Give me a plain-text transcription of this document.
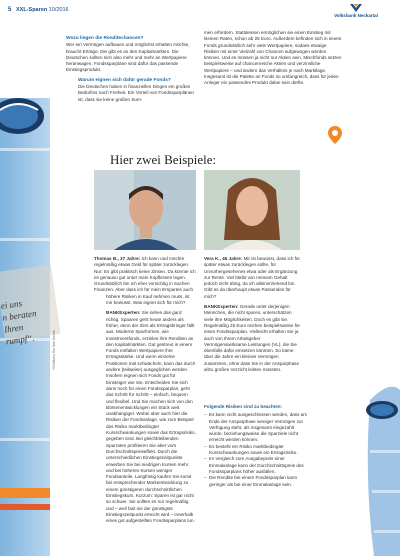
5 XXL-Sparen 10/2016
Volksbank Neckartal
ei uns
n beraten
Ihren
rumpf“.	*Schützen Sie Ihre Socke

Wozu liegen die Renditechancen?

Wer ein Vermögen aufbauen und möglichst erhalten möchte, braucht Erträge. Die gibt es an den Kapitalmärkten. Die Deutschen sollten sich also mehr und mehr an Wertpapiere heranwagen. Fondssparpläne sind dafür das passende Einstiegsprodukt.

Warum eignen sich dafür gerade Fonds?

Die Deutschen haben in finanziellen Dingen ein großes Bedürfnis nach Freiheit. Ein Vorteil von Fondssparplänen ist, dass sie keine großen Sum-

men erfordern. Stattdessen ermöglichen sie einen Einstieg mit kleinen Raten, schon ab 25 Euro. Außerdem befinden sich in einem Fonds grundsätzlich sehr viele Wertpapiere, sodass etwaige Risiken mit einer Vielzahl von Chancen aufgewogen werden können. Und es müssen ja nicht nur Aktien sein. Mischfonds setzen beispielsweise auf chancenreiche Aktien und verzinsliche Wertpapiere – und ändern das Verhältnis je nach Marktlage. Insgesamt ist die Palette an Fonds so umfangreich, dass für jeden Anleger ein passendes Produkt dabei sein dürfte.

Hier zwei Beispiele:

Thomas B., 37 Jahre: Ich kann und möchte regelmäßig etwas Geld für später zurücklegen. Nur: Es gibt praktisch keine Zinsen. Da könnte ich es genauso gut unter mein Kopfkissen legen. Grundsätzlich bin ich eher vorsichtig in Sachen Finanzen. Aber dass ich für mein Erspartes auch

höhere Risiken in Kauf nehmen muss, ist mir bewusst. Was eignet sich für mich?

BANKExperten: Sie sehen das ganz richtig. Spaaren geht heute anders als früher, denn der Zins als Ertragsbringer fällt aus. Moderne Sparformen, wie Investmentfonds, erzielen ihre Renditen an den Kapitalmärkten. Gut gestreut in einem Fonds entfalten Wertpapiere ihre Ertragsstärke. Und wenn einzelne Positionen mal schwächeln, kann das durch andere (teilweise) ausgeglichen werden. Insofern eignen sich Fonds gut für Einsteiger wie Sie. Entscheiden Sie sich dann noch für einen Fondssparplan, geht das Schritt für Schritt – einfach, bequem und flexibel. Und Sie machen sich von den Börsenentwicklungen ein Stück weit unabhängiger. Wobei aber auch hier die Risiken der Fondsanlage, wie zum Beispiel das Risiko marktbedingter Kursschwankungen sowie das Ertragsrisiko, gegeben sind. Bei gleichbleibenden Sparraten profitieren Sie aber vom Durchschnittspreiseffekt. Durch die unterschiedlichen Einstiegszeitpunkte erwerben Sie bei niedrigen Kursen mehr und bei höheren Kursen weniger Fondsanteile. Langfristig kaufen Sie somit bei entsprechender Marktentwicklung zu einem günstigeren durchschnittlichen Einstiegskurs. Kurzum: Sparen ist gar nicht so schwer. Sie sollten es nur regelmäßig und – weil fast nie der günstigste Einstiegszeitpunkt erreicht wird – innerhalb eines gut aufgestellten Fondssparplans tun.

Vera K., 46 Jahre: Mir ist bewusst, dass ich für später etwas zurücklegen sollte, für Unvorhergesehenes etwa oder als Ergänzung zur Rente. Viel bleibt von meinem Gehalt jedoch nicht übrig, da ich alleinerziehend bin. Gibt es da überhaupt etwas Passendes für mich?

BANKExperten: Gerade unter derjenigen Menschen, die nicht sparen, unterschätzen viele ihre Möglichkeiten. Doch es gibt sie. Regelmäßig 25 Euro reichen beispielsweise für einen Fondssparplan. Vielleicht erhalten Sie ja auch von Ihrem Arbeitgeber Vermögenswirksame Leistungen (VL), die Sie ebenfalls dafür einsetzen könnten. So käme über die Jahre ein kleines Vermögen zusammen, ohne dass Sie in der Ansparphase allzu großen Verzicht leisten müssten.

Folgende Risiken sind zu beachten:
– Es kann nicht ausgeschlossen werden, dass am Ende der Ansparphase weniger Vermögen zur Verfügung steht, als insgesamt eingezahlt wurde, beziehungsweise die Sparziele nicht erreicht werden können.
– Es besteht ein Risiko marktbedingter Kursschwankungen sowie ein Ertragsrisiko.
– Im Vergleich zum Ausgabepreis einer Einmalanlage kann der Durchschnittspreis des Fondssparplans höher ausfallen.
– Die Rendite bei einem Fondssparplan kann geringer als bei einer Einmalanlage sein.
